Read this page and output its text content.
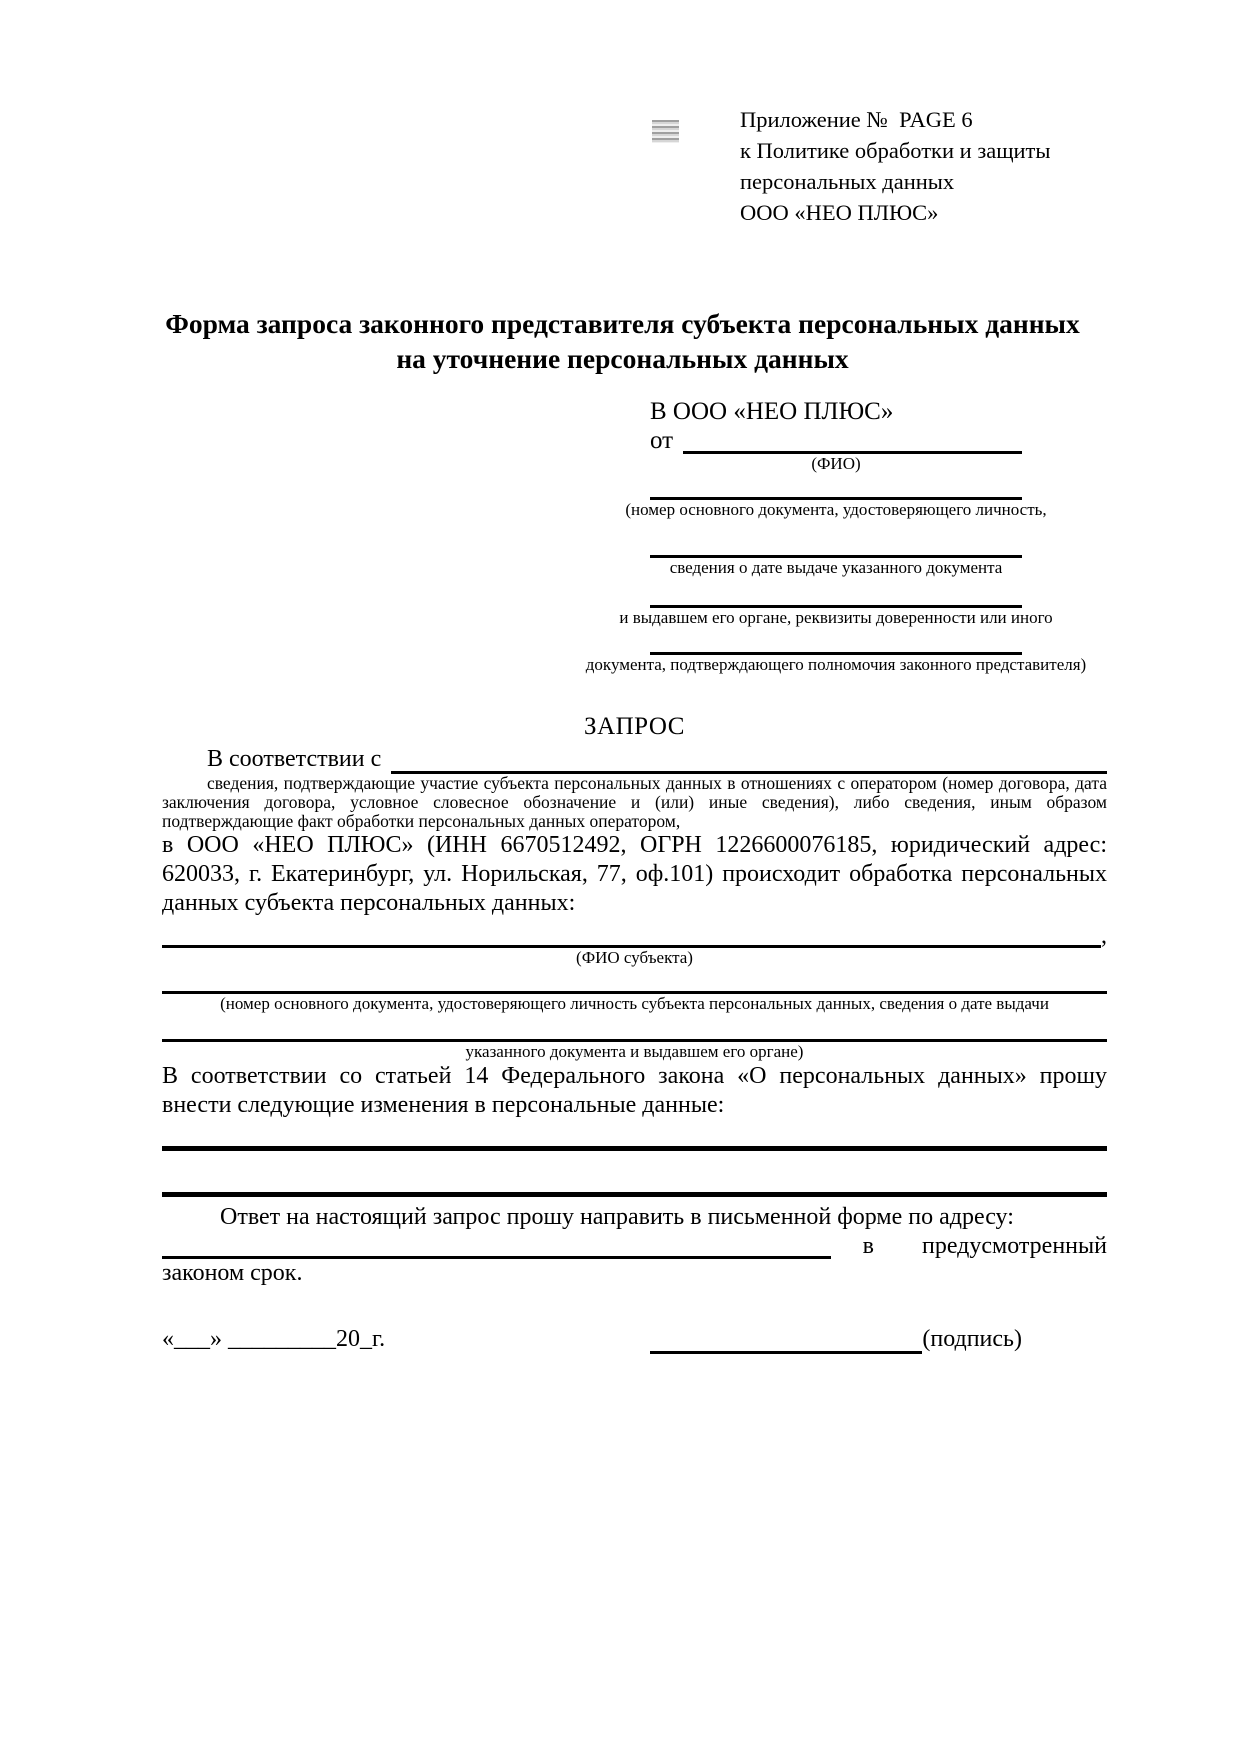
Приложение №  PAGE 6
к Политике обработки и защиты
персональных данных
ООО «НЕО ПЛЮС»
Форма запроса законного представителя субъекта персональных данных
на уточнение персональных данных
В ООО «НЕО ПЛЮС»
от
(ФИО)
(номер основного документа, удостоверяющего личность,
сведения о дате выдаче указанного документа
и выдавшем его органе, реквизиты доверенности или иного
документа, подтверждающего полномочия законного представителя)
ЗАПРОС
В соответствии с
сведения, подтверждающие участие субъекта персональных данных в отношениях с оператором (номер договора, дата заключения договора, условное словесное обозначение и (или) иные сведения), либо сведения, иным образом подтверждающие факт обработки персональных данных оператором,
в ООО «НЕО ПЛЮС» (ИНН 6670512492, ОГРН 1226600076185, юридический адрес: 620033, г. Екатеринбург, ул. Норильская, 77, оф.101) происходит обработка персональных данных субъекта персональных данных:
,
(ФИО субъекта)
(номер основного документа, удостоверяющего личность субъекта персональных данных, сведения о дате выдачи
указанного документа и выдавшем его органе)
В соответствии со статьей 14 Федерального закона «О персональных данных» прошу внести следующие изменения в персональные данные:
Ответ на настоящий запрос прошу направить в письменной форме по адресу:
в предусмотренный
законом срок.
«___» _________20_г.	(подпись)
